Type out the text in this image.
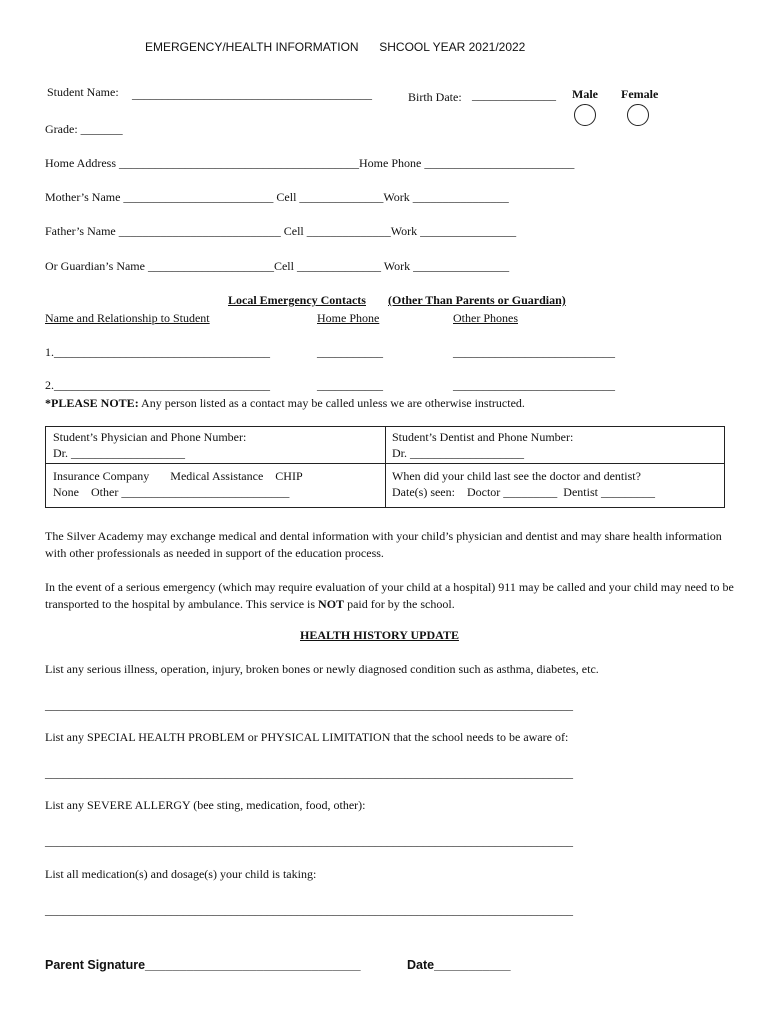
EMERGENCY/HEALTH INFORMATION SHCOOL YEAR 2021/2022
Student Name: ________________________________________	Birth Date: ______________ Male Female
Grade: _______
Home Address ________________________________________Home Phone _________________________
Mother’s Name _________________________ Cell ______________Work ________________
Father’s Name ___________________________ Cell ______________Work ________________
Or Guardian’s Name _____________________Cell ______________ Work ________________
Local Emergency Contacts (Other Than Parents or Guardian)
Name and Relationship to Student	Home Phone	Other Phones
1.____________________________________	___________	___________________________
2.____________________________________	___________	___________________________
*PLEASE NOTE: Any person listed as a contact may be called unless we are otherwise instructed.
Student’s Physician and Phone Number:
Dr. ___________________
Student’s Dentist and Phone Number:
Dr. ___________________
Insurance Company       Medical Assistance    CHIP
None    Other ____________________________
When did your child last see the doctor and dentist?
Date(s) seen:    Doctor _________  Dentist _________
The Silver Academy may exchange medical and dental information with your child’s physician and dentist and may share health information with other professionals as needed in support of the education process.
In the event of a serious emergency (which may require evaluation of your child at a hospital) 911 may be called and your child may need to be transported to the hospital by ambulance. This service is NOT paid for by the school.
HEALTH HISTORY UPDATE
List any serious illness, operation, injury, broken bones or newly diagnosed condition such as asthma, diabetes, etc.
________________________________________________________________________________________
List any SPECIAL HEALTH PROBLEM or PHYSICAL LIMITATION that the school needs to be aware of:
________________________________________________________________________________________
List any SEVERE ALLERGY (bee sting, medication, food, other):
________________________________________________________________________________________
List all medication(s) and dosage(s) your child is taking:
________________________________________________________________________________________
Parent Signature_______________________________	Date___________
